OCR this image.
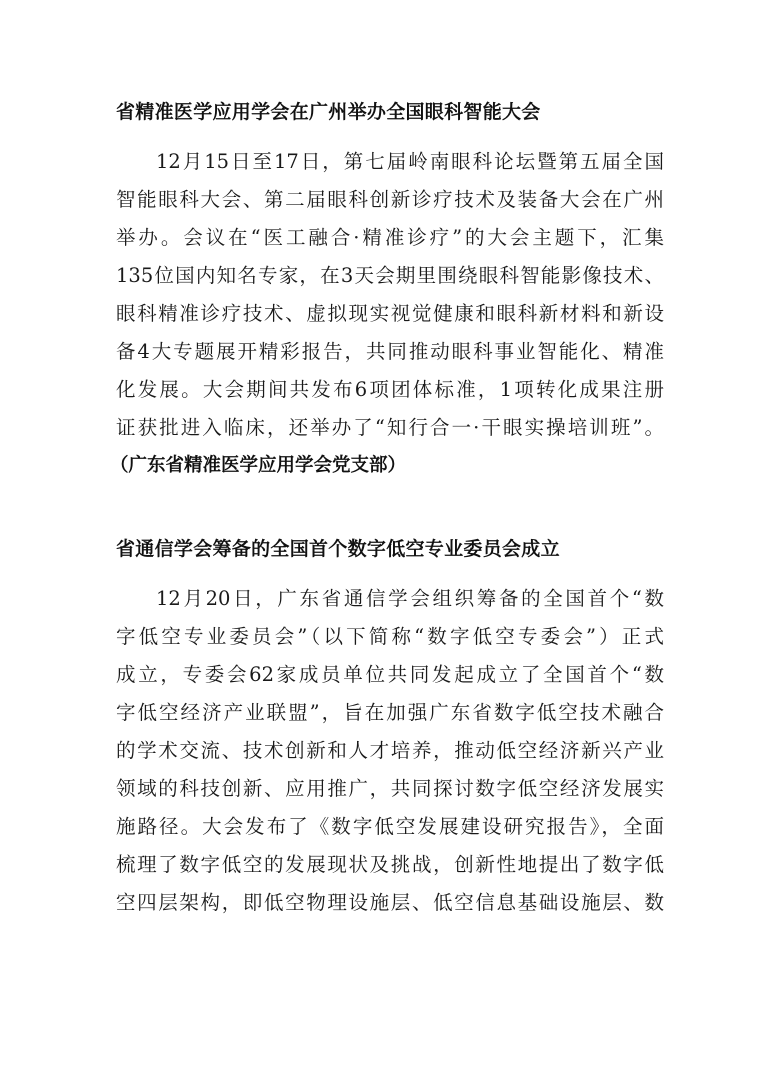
省精准医学应用学会在广州举办全国眼科智能大会
12月15日至17日，第七届岭南眼科论坛暨第五届全国
智能眼科大会、第二届眼科创新诊疗技术及装备大会在广州
举办。会议在“医工融合·精准诊疗”的大会主题下，汇集
135位国内知名专家，在3天会期里围绕眼科智能影像技术、
眼科精准诊疗技术、虚拟现实视觉健康和眼科新材料和新设
备4大专题展开精彩报告，共同推动眼科事业智能化、精准
化发展。大会期间共发布6项团体标准，1项转化成果注册
证获批进入临床，还举办了“知行合一·干眼实操培训班”。
（广东省精准医学应用学会党支部）
省通信学会筹备的全国首个数字低空专业委员会成立
12月20日，广东省通信学会组织筹备的全国首个“数
字低空专业委员会”（以下简称“数字低空专委会”）正式
成立，专委会62家成员单位共同发起成立了全国首个“数
字低空经济产业联盟”，旨在加强广东省数字低空技术融合
的学术交流、技术创新和人才培养，推动低空经济新兴产业
领域的科技创新、应用推广，共同探讨数字低空经济发展实
施路径。大会发布了《数字低空发展建设研究报告》，全面
梳理了数字低空的发展现状及挑战，创新性地提出了数字低
空四层架构，即低空物理设施层、低空信息基础设施层、数
